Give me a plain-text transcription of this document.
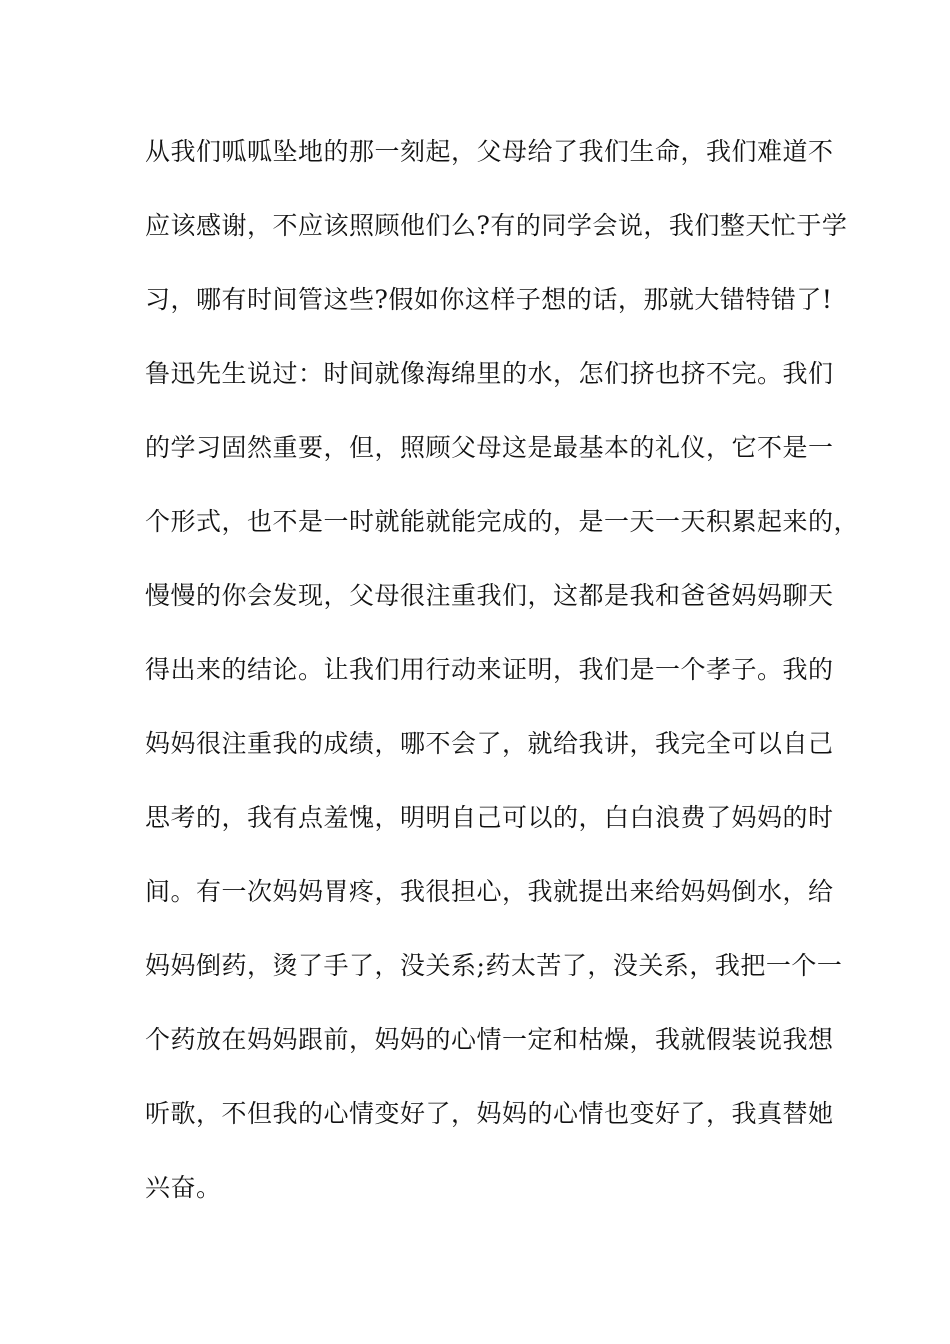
从我们呱呱坠地的那一刻起，父母给了我们生命，我们难道不
应该感谢，不应该照顾他们么?有的同学会说，我们整天忙于学
习，哪有时间管这些?假如你这样子想的话，那就大错特错了!
鲁迅先生说过：时间就像海绵里的水，怎们挤也挤不完。我们
的学习固然重要，但，照顾父母这是最基本的礼仪，它不是一
个形式，也不是一时就能就能完成的，是一天一天积累起来的，
慢慢的你会发现，父母很注重我们，这都是我和爸爸妈妈聊天
得出来的结论。让我们用行动来证明，我们是一个孝子。我的
妈妈很注重我的成绩，哪不会了，就给我讲，我完全可以自己
思考的，我有点羞愧，明明自己可以的，白白浪费了妈妈的时
间。有一次妈妈胃疼，我很担心，我就提出来给妈妈倒水，给
妈妈倒药，烫了手了，没关系;药太苦了，没关系，我把一个一
个药放在妈妈跟前，妈妈的心情一定和枯燥，我就假装说我想
听歌，不但我的心情变好了，妈妈的心情也变好了，我真替她
兴奋。
